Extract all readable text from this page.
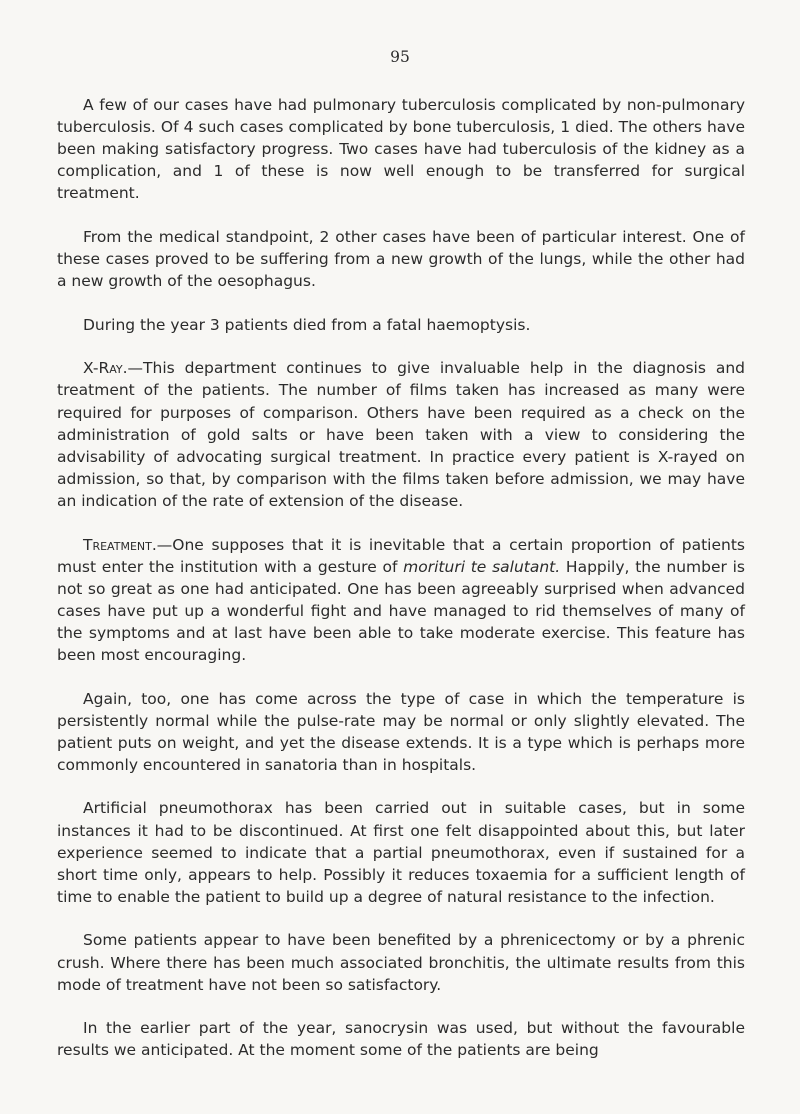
95

A few of our cases have had pulmonary tuberculosis complicated by non-pulmonary tuberculosis. Of 4 such cases complicated by bone tuberculosis, 1 died. The others have been making satisfactory progress. Two cases have had tuberculosis of the kidney as a complication, and 1 of these is now well enough to be transferred for surgical treatment.

From the medical standpoint, 2 other cases have been of particular interest. One of these cases proved to be suffering from a new growth of the lungs, while the other had a new growth of the oesophagus.

During the year 3 patients died from a fatal haemoptysis.

X-Ray.—This department continues to give invaluable help in the diagnosis and treatment of the patients. The number of films taken has increased as many were required for purposes of comparison. Others have been required as a check on the administration of gold salts or have been taken with a view to considering the advisability of advocating surgical treatment. In practice every patient is X-rayed on admission, so that, by comparison with the films taken before admission, we may have an indication of the rate of extension of the disease.

Treatment.—One supposes that it is inevitable that a certain proportion of patients must enter the institution with a gesture of morituri te salutant. Happily, the number is not so great as one had anticipated. One has been agreeably surprised when advanced cases have put up a wonderful fight and have managed to rid themselves of many of the symptoms and at last have been able to take moderate exercise. This feature has been most encouraging.

Again, too, one has come across the type of case in which the temperature is persistently normal while the pulse-rate may be normal or only slightly elevated. The patient puts on weight, and yet the disease extends. It is a type which is perhaps more commonly encountered in sanatoria than in hospitals.

Artificial pneumothorax has been carried out in suitable cases, but in some instances it had to be discontinued. At first one felt disappointed about this, but later experience seemed to indicate that a partial pneumothorax, even if sustained for a short time only, appears to help. Possibly it reduces toxaemia for a sufficient length of time to enable the patient to build up a degree of natural resistance to the infection.

Some patients appear to have been benefited by a phrenicectomy or by a phrenic crush. Where there has been much associated bronchitis, the ultimate results from this mode of treatment have not been so satisfactory.

In the earlier part of the year, sanocrysin was used, but without the favourable results we anticipated. At the moment some of the patients are being
